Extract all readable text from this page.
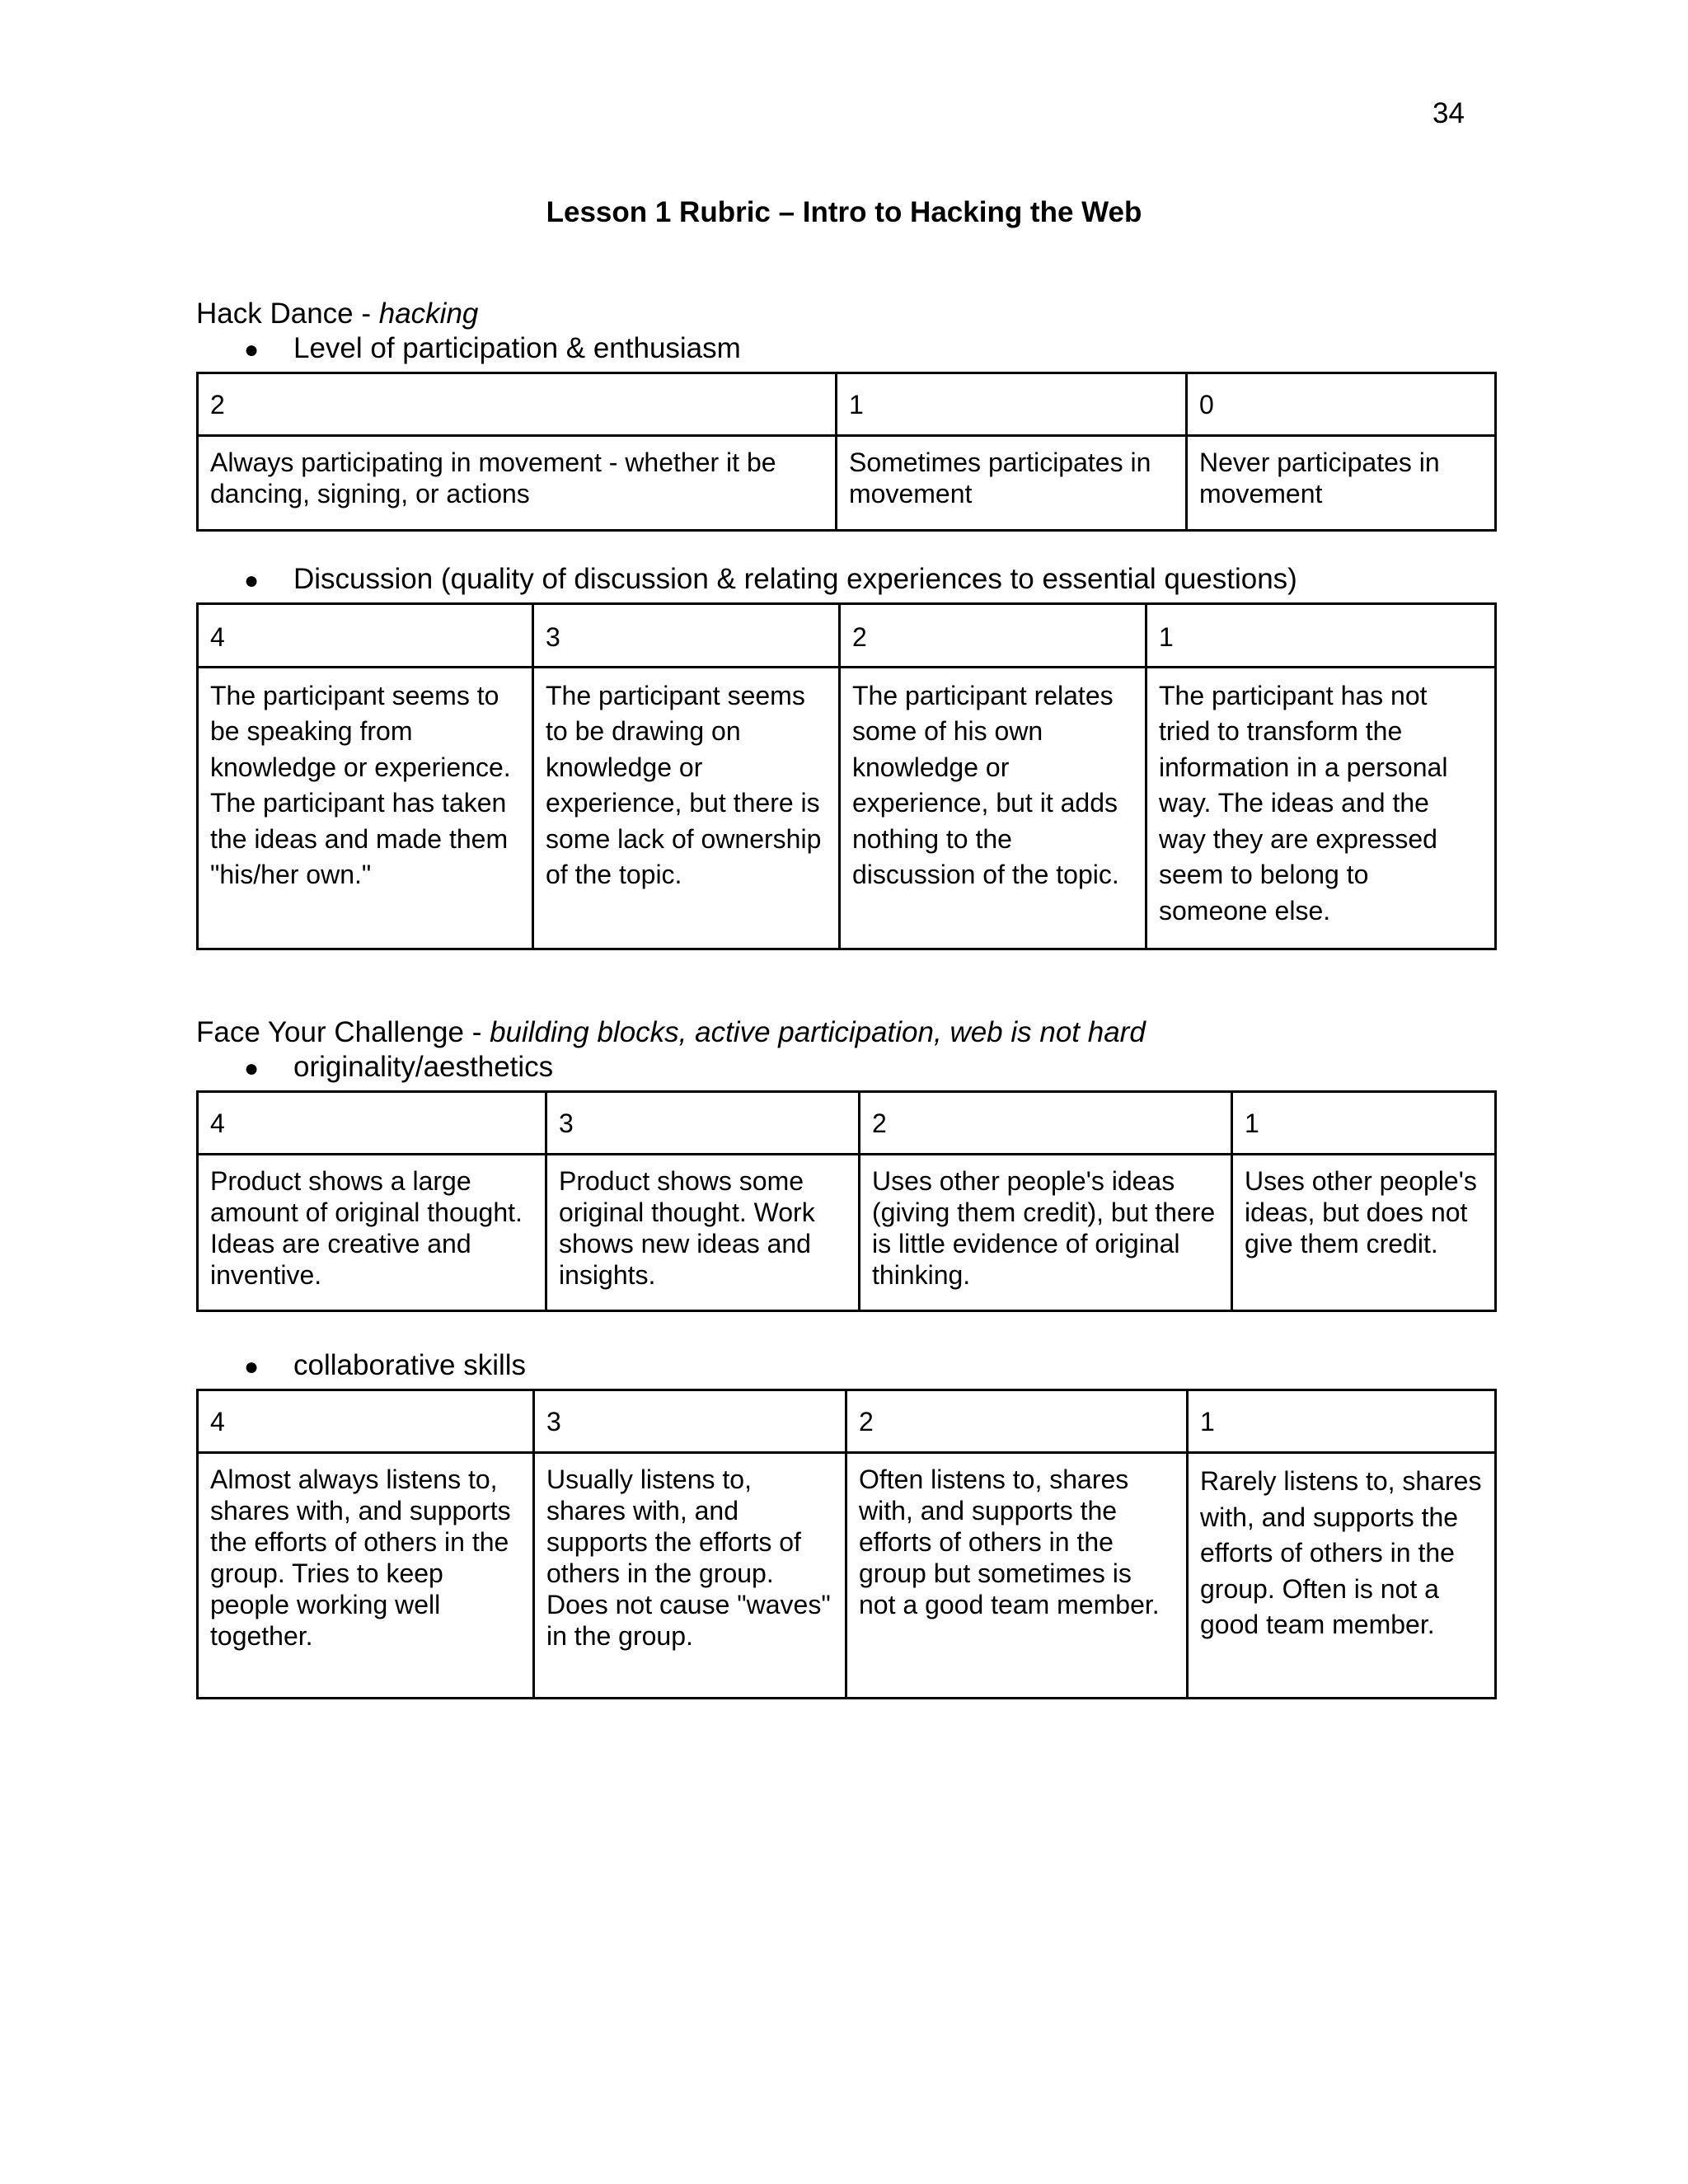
34
Lesson 1 Rubric – Intro to Hacking the Web
Hack Dance - hacking
● Level of participation & enthusiasm
2	1	0
Always participating in movement - whether it be dancing, signing, or actions	Sometimes participates in movement	Never participates in movement
● Discussion (quality of discussion & relating experiences to essential questions)
4	3	2	1
The participant seems to be speaking from knowledge or experience. The participant has taken the ideas and made them "his/her own."	The participant seems to be drawing on knowledge or experience, but there is some lack of ownership of the topic.	The participant relates some of his own knowledge or experience, but it adds nothing to the discussion of the topic.	The participant has not tried to transform the information in a personal way. The ideas and the way they are expressed seem to belong to someone else.
Face Your Challenge - building blocks, active participation, web is not hard
● originality/aesthetics
4	3	2	1
Product shows a large amount of original thought. Ideas are creative and inventive.	Product shows some original thought. Work shows new ideas and insights.	Uses other people's ideas (giving them credit), but there is little evidence of original thinking.	Uses other people's ideas, but does not give them credit.
● collaborative skills
4	3	2	1
Almost always listens to, shares with, and supports the efforts of others in the group. Tries to keep people working well together.	Usually listens to, shares with, and supports the efforts of others in the group. Does not cause "waves" in the group.	Often listens to, shares with, and supports the efforts of others in the group but sometimes is not a good team member.	Rarely listens to, shares with, and supports the efforts of others in the group. Often is not a good team member.
